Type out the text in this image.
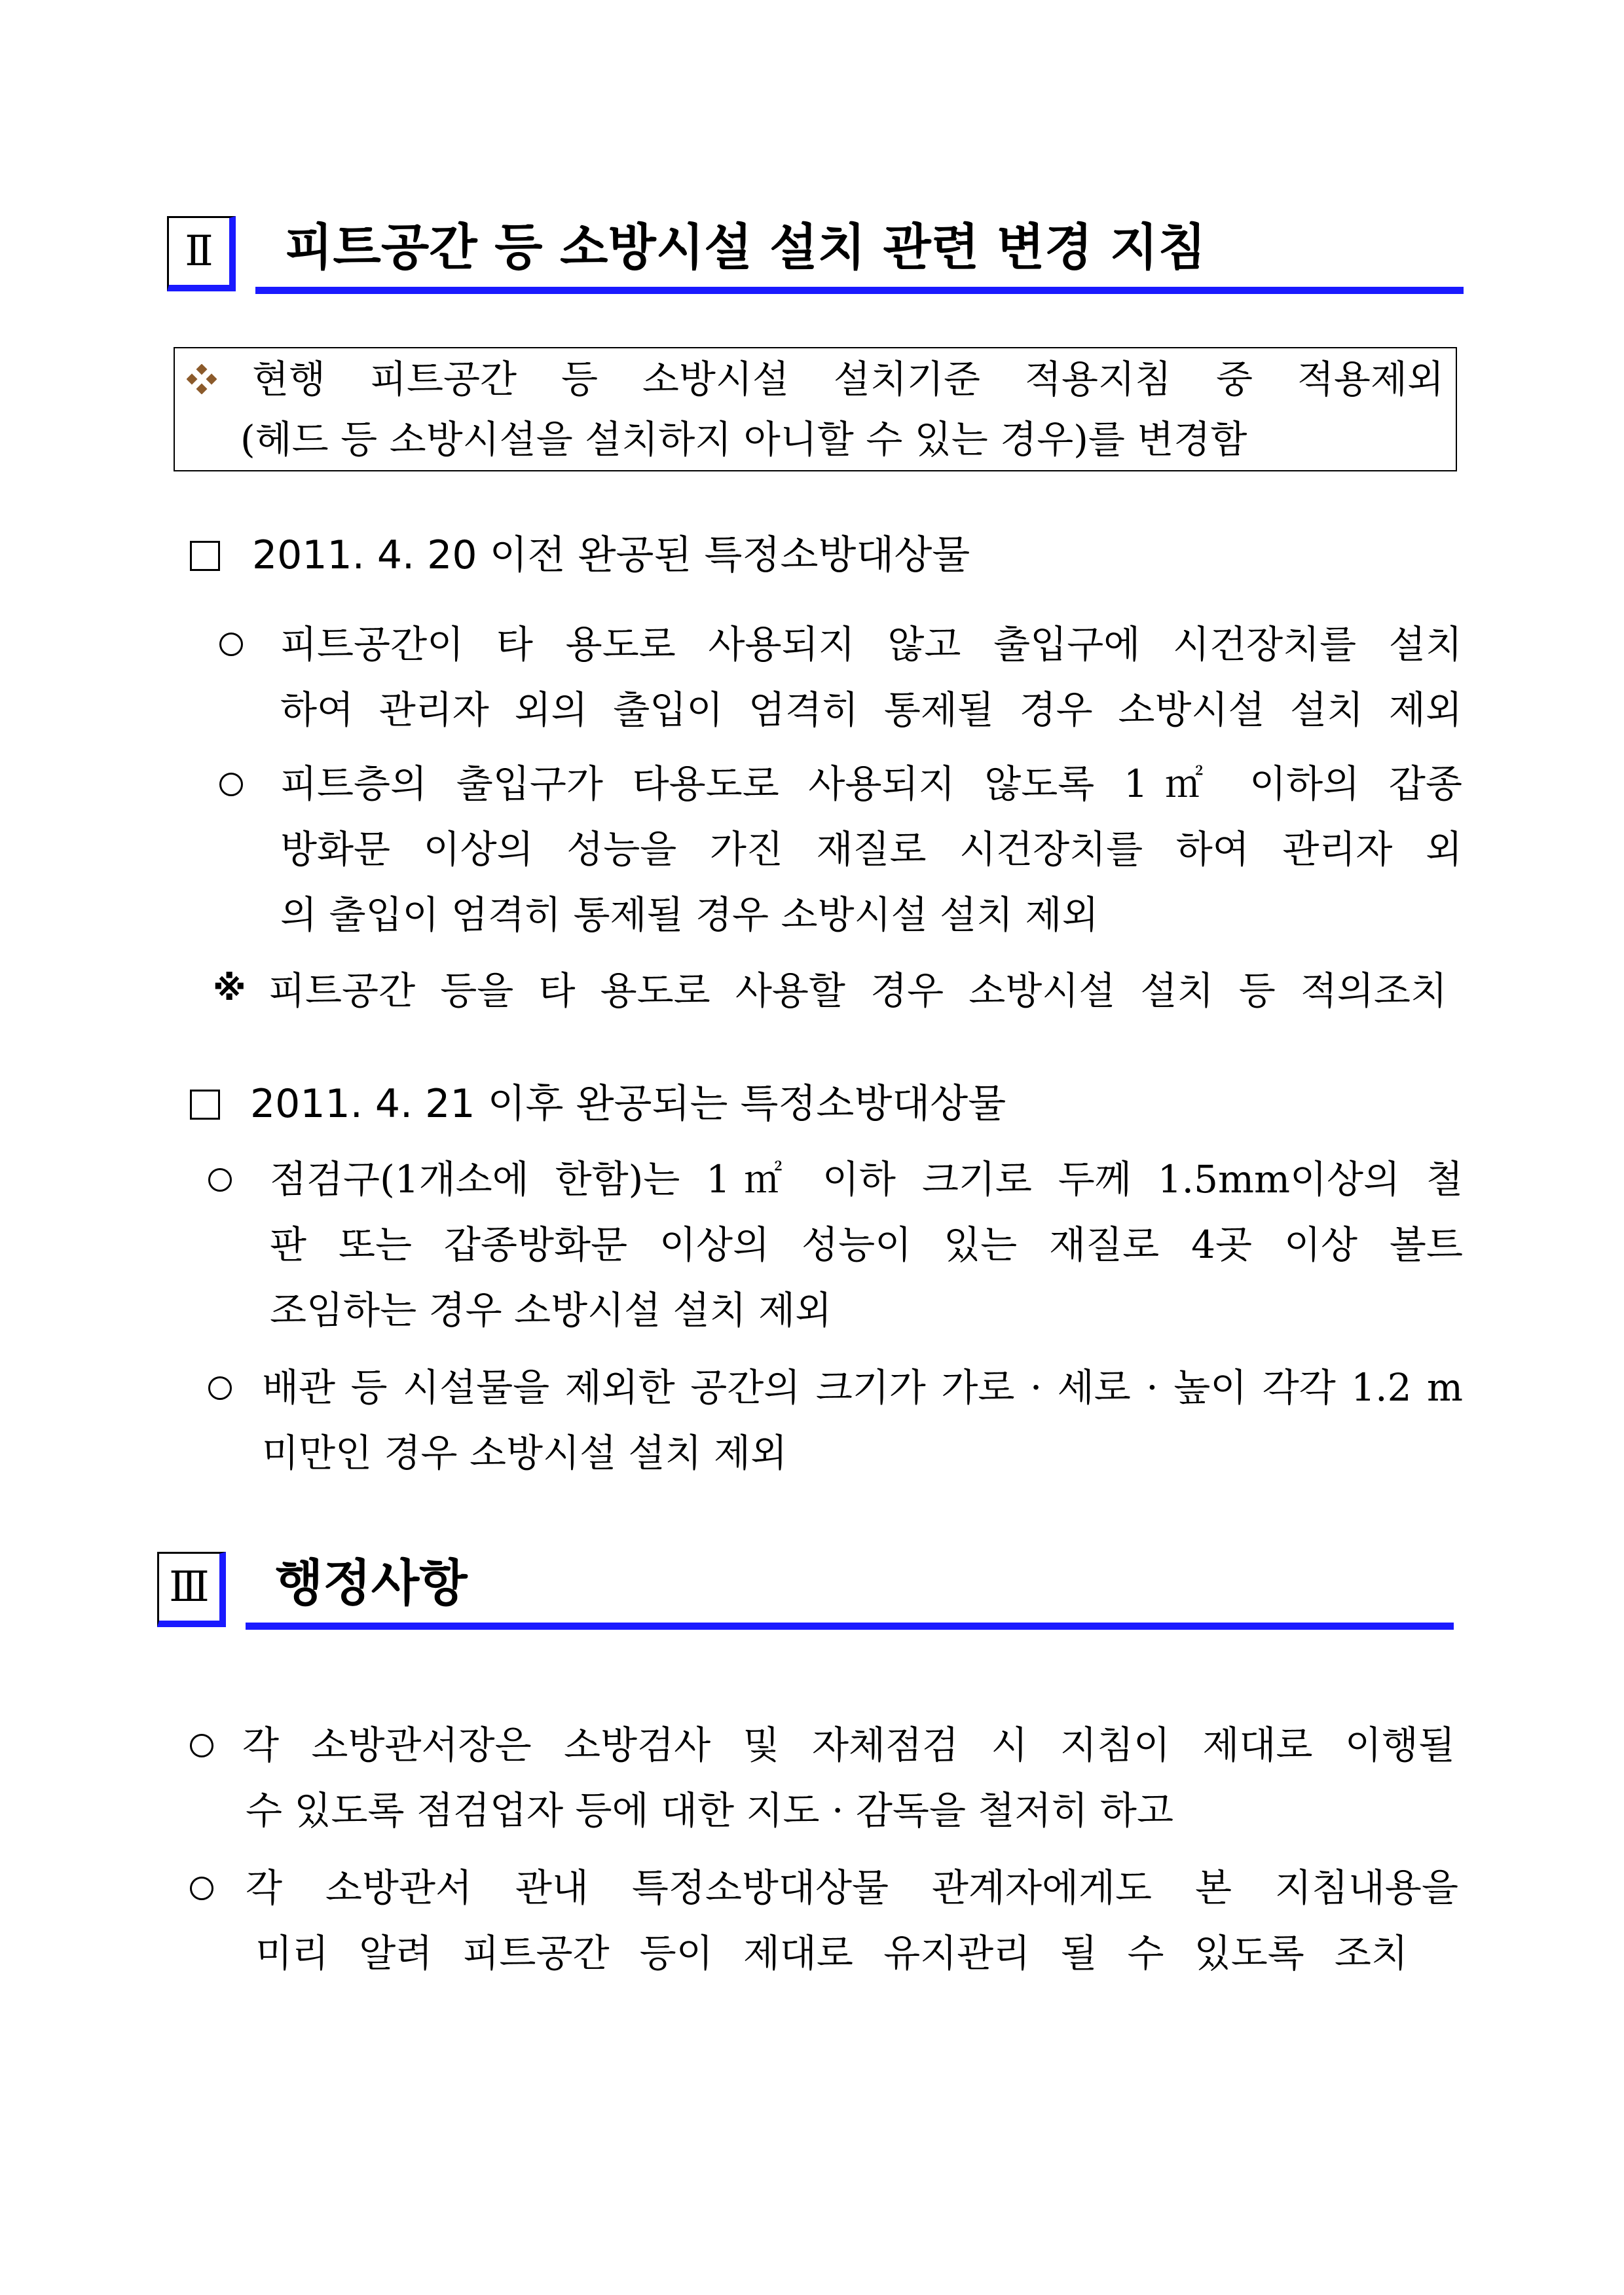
Ⅱ 피트공간 등 소방시설 설치 관련 변경 지침
현행 피트공간 등 소방시설 설치기준 적용지침 중 적용제외
(헤드 등 소방시설을 설치하지 아니할 수 있는 경우)를 변경함
2011. 4. 20 이전 완공된 특정소방대상물
피트공간이 타 용도로 사용되지 않고 출입구에 시건장치를 설치
하여 관리자 외의 출입이 엄격히 통제될 경우 소방시설 설치 제외
피트층의 출입구가 타용도로 사용되지 않도록 1㎡ 이하의 갑종
방화문 이상의 성능을 가진 재질로 시건장치를 하여 관리자 외
의 출입이 엄격히 통제될 경우 소방시설 설치 제외
※ 피트공간 등을 타 용도로 사용할 경우 소방시설 설치 등 적의조치
2011. 4. 21 이후 완공되는 특정소방대상물
점검구(1개소에 한함)는 1㎡ 이하 크기로 두께 1.5mm이상의 철
판 또는 갑종방화문 이상의 성능이 있는 재질로 4곳 이상 볼트
조임하는 경우 소방시설 설치 제외
배관 등 시설물을 제외한 공간의 크기가 가로 · 세로 · 높이 각각 1.2 m
미만인 경우 소방시설 설치 제외
Ⅲ 행정사항
각 소방관서장은 소방검사 및 자체점검 시 지침이 제대로 이행될
수 있도록 점검업자 등에 대한 지도 · 감독을 철저히 하고
각 소방관서 관내 특정소방대상물 관계자에게도 본 지침내용을
미리 알려 피트공간 등이 제대로 유지관리 될 수 있도록 조치
